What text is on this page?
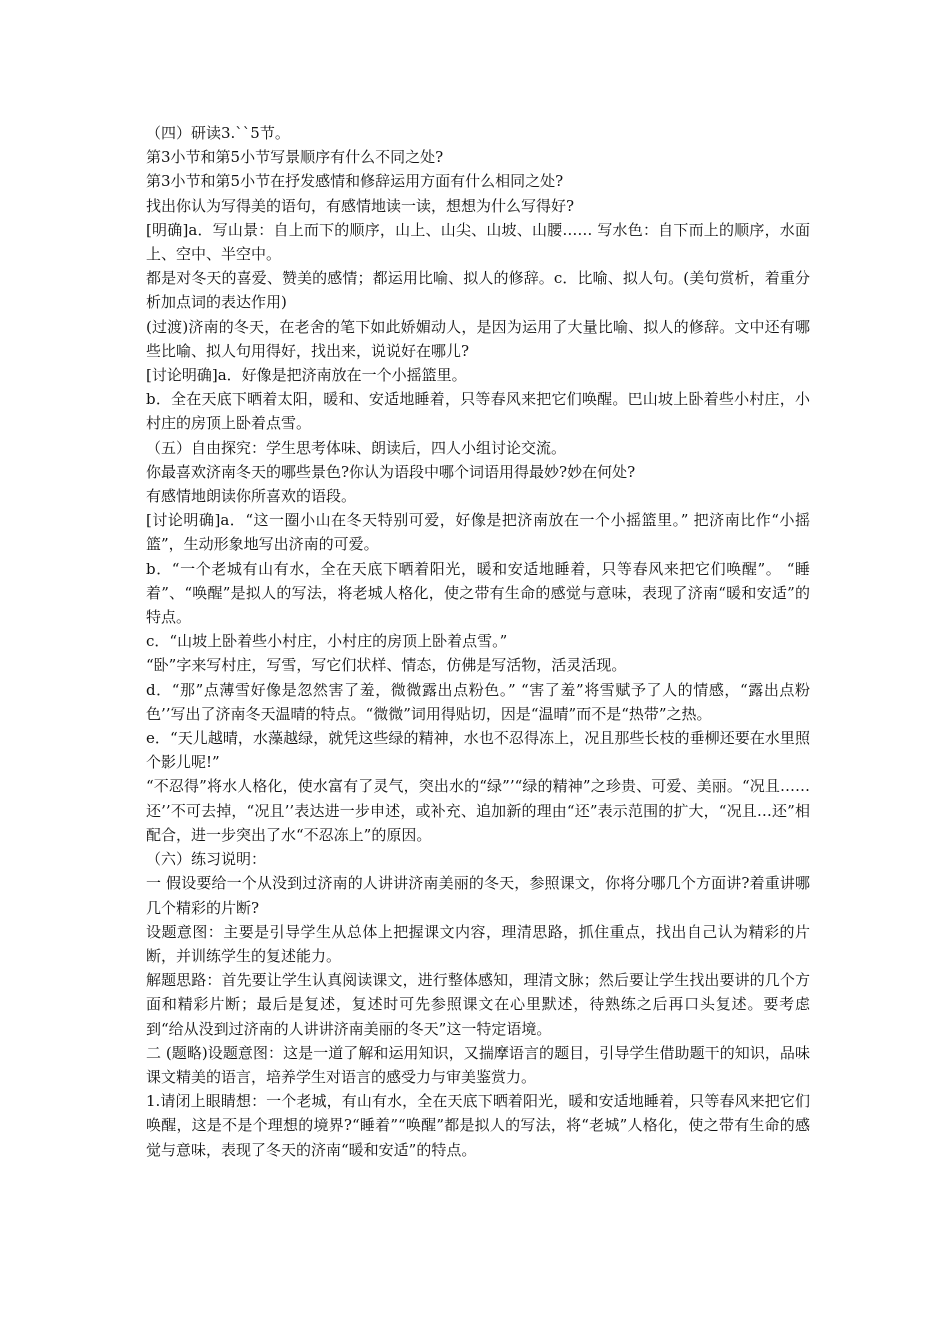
（四）研读3.``5节。

第3小节和第5小节写景顺序有什么不同之处?

第3小节和第5小节在抒发感情和修辞运用方面有什么相同之处?

找出你认为写得美的语句，有感情地读一读，想想为什么写得好?

[明确]a．写山景：自上而下的顺序，山上、山尖、山坡、山腰…… 写水色：自下而上的顺序，水面上、空中、半空中。

都是对冬天的喜爱、赞美的感情；都运用比喻、拟人的修辞。c．比喻、拟人句。(美句赏析，着重分析加点词的表达作用)

(过渡)济南的冬天，在老舍的笔下如此娇媚动人，是因为运用了大量比喻、拟人的修辞。文中还有哪些比喻、拟人句用得好，找出来，说说好在哪儿?

[讨论明确]a．好像是把济南放在一个小摇篮里。

b．全在天底下晒着太阳，暖和、安适地睡着，只等春风来把它们唤醒。巴山坡上卧着些小村庄，小村庄的房顶上卧着点雪。

（五）自由探究：学生思考体味、朗读后，四人小组讨论交流。

你最喜欢济南冬天的哪些景色?你认为语段中哪个词语用得最妙?妙在何处?

有感情地朗读你所喜欢的语段。

[讨论明确]a．“这一圈小山在冬天特别可爱，好像是把济南放在一个小摇篮里。” 把济南比作“小摇篮”，生动形象地写出济南的可爱。

b．“一个老城有山有水，全在天底下晒着阳光，暖和安适地睡着，只等春风来把它们唤醒”。 “睡着”、“唤醒”是拟人的写法，将老城人格化，使之带有生命的感觉与意味，表现了济南“暖和安适”的特点。

c．“山坡上卧着些小村庄，小村庄的房顶上卧着点雪。”

“卧”字来写村庄，写雪，写它们状样、情态，仿佛是写活物，活灵活现。

d．“那”点薄雪好像是忽然害了羞，微微露出点粉色。” “害了羞”将雪赋予了人的情感，“露出点粉色’’写出了济南冬天温晴的特点。“微微”词用得贴切，因是“温晴”而不是“热带”之热。

e．“天儿越晴，水藻越绿，就凭这些绿的精神，水也不忍得冻上，况且那些长枝的垂柳还要在水里照个影儿呢!”

“不忍得”将水人格化，使水富有了灵气，突出水的“绿”’“绿的精神”之珍贵、可爱、美丽。“况且……还’’不可去掉，“况且’’表达进一步申述，或补充、追加新的理由“还”表示范围的扩大，“况且…还”相配合，进一步突出了水“不忍冻上”的原因。

（六）练习说明：

一 假设要给一个从没到过济南的人讲讲济南美丽的冬天，参照课文，你将分哪几个方面讲?着重讲哪几个精彩的片断?

设题意图：主要是引导学生从总体上把握课文内容，理清思路，抓住重点，找出自己认为精彩的片断，并训练学生的复述能力。

解题思路：首先要让学生认真阅读课文，进行整体感知，理清文脉；然后要让学生找出要讲的几个方面和精彩片断；最后是复述，复述时可先参照课文在心里默述，待熟练之后再口头复述。要考虑到“给从没到过济南的人讲讲济南美丽的冬天”这一特定语境。

二 (题略)设题意图：这是一道了解和运用知识，又揣摩语言的题目，引导学生借助题干的知识，品味课文精美的语言，培养学生对语言的感受力与审美鉴赏力。

1.请闭上眼睛想：一个老城，有山有水，全在天底下晒着阳光，暖和安适地睡着，只等春风来把它们唤醒，这是不是个理想的境界?“睡着”“唤醒”都是拟人的写法，将“老城”人格化，使之带有生命的感觉与意味，表现了冬天的济南“暖和安适”的特点。
